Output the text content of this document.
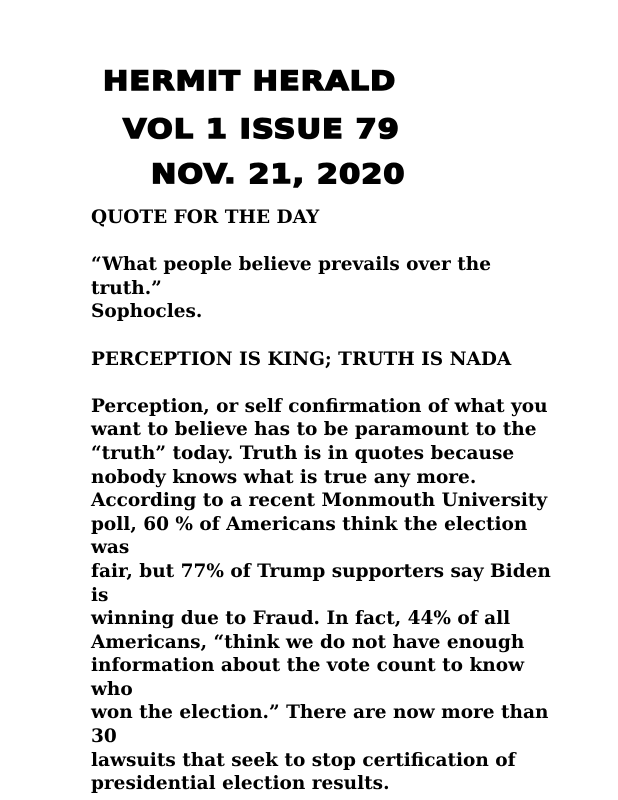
HERMIT HERALD
VOL 1 ISSUE 79
NOV. 21, 2020

QUOTE FOR THE DAY

“What people believe prevails over the truth.”
Sophocles.

PERCEPTION IS KING; TRUTH IS NADA

Perception, or self confirmation of what you
want to believe has to be paramount to the
“truth” today. Truth is in quotes because
nobody knows what is true any more.
According to a recent Monmouth University
poll, 60 % of Americans think the election was
fair, but 77% of Trump supporters say Biden is
winning due to Fraud. In fact, 44% of all
Americans, “think we do not have enough
information about the vote count to know who
won the election.” There are now more than 30
lawsuits that seek to stop certification of
presidential election results.
